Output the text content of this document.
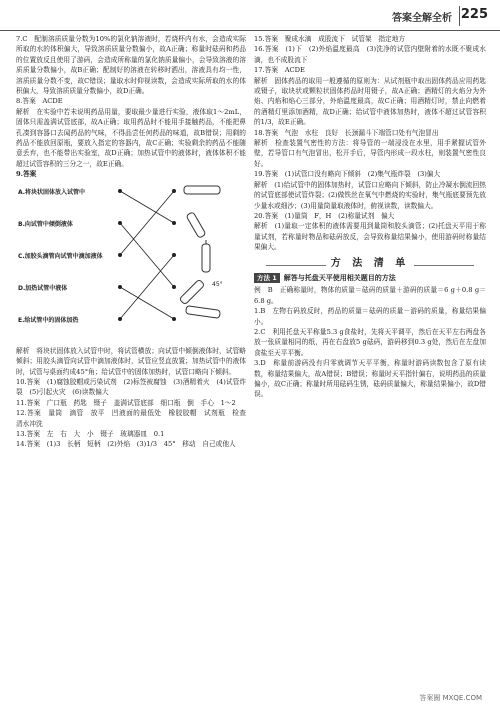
答案全解全析 225

7.C　配制溶质质量分数为10%的氯化钠溶液时，若烧杯内有水，会造成实际所取的水的体积偏大，导致溶质质量分数偏小，故A正确；称量时砝码和药品的位置放反且使用了游码，会造成所称量的氯化钠质量偏小，会导致溶液的溶质质量分数偏小，故B正确；配制好的溶液在转移时洒出，溶液具有均一性，溶质质量分数不变，故C错误；量取水时仰视读数，会造成实际所取的水的体积偏大，导致溶质质量分数偏小，故D正确。

8.答案　ACDE

解析　在实验中若未说明药品用量，要取最少量进行实验，液体取1～2mL，固体只需盖满试管底部，故A正确；取用药品时不能用手接触药品，不能把鼻孔凑到容器口去闻药品的气味，不得品尝任何药品的味道，故B错误；用剩的药品不能放回原瓶，要放入指定的容器内，故C正确；实验剩余的药品不能随意丢弃，也不能带出实验室，故D正确；加热试管中的液体时，液体体积不能超过试管容积的三分之一，故E正确。

9.答案

A.将块状固体放入试管中
B.向试管中倾倒液体
C.加胶头滴管向试管中滴加液体
D.加热试管中液体
E.给试管中的固体加热
45°

解析　将块状固体放入试管中时，将试管横放；向试管中倾倒液体时，试管略倾斜；用胶头滴管向试管中滴加液体时，试管应竖直放置；加热试管中的液体时，试管与桌面约成45°角；给试管中的固体加热时，试管口略向下倾斜。

10.答案　(1)腐蚀胶帽或污染试剂　(2)标签被腐蚀　(3)酒精着火　(4)试管炸裂　(5)引起火灾　(6)读数偏大

11.答案　广口瓶　药匙　镊子　盖满试管底部　细口瓶　倒　手心　1～2

12.答案　量筒　滴管　放平　凹液面的最低处　橡胶胶帽　试剂瓶　检查　清水冲洗

13.答案　左　右　大　小　镊子　玻璃器皿　0.1

14.答案　(1)3　长柄　短柄　(2)外焰　(3)1/3　45°　移动　自己或他人

15.答案　聚成水滴　成股流下　试管架　指定地方

16.答案　(1)下　(2)外焰温度最高　(3)洗净的试管内壁附着的水既不聚成水滴，也不成股流下

17.答案　ACDE

解析　固体药品的取用一般遵循的原则为：从试剂瓶中取出固体药品应用药匙或镊子，取块状或颗粒状固体药品时用镊子，故A正确；酒精灯的火焰分为外焰、内焰和焰心三部分，外焰温度最高，故C正确；用酒精灯时，禁止向燃着的酒精灯里添加酒精，故D正确；给试管中液体加热时，液体不超过试管容积的1/3，故E正确。

18.答案　气泡　水柱　良好　长颈漏斗下端管口处有气泡冒出

解析　检查装置气密性的方法：将导管的一端浸没在水里，用手紧握试管外壁，若导管口有气泡冒出，松开手后，导管内形成一段水柱，则装置气密性良好。

19.答案　(1)试管口没有略向下倾斜　(2)集气瓶炸裂　(3)偏大

解析　(1)给试管中的固体加热时，试管口应略向下倾斜，防止冷凝水倒流回热的试管底部使试管炸裂；(2)做铁丝在氧气中燃烧的实验时，集气瓶底要预先放少量水或细沙；(3)用量筒量取液体时，俯视读数，读数偏大。

20.答案　(1)量筒　F，H　(2)称量试剂　偏大

解析　(1)量取一定体积的液体需要用到量筒和胶头滴管；(2)托盘天平用于称量试剂，若称量时物品和砝码放反，会导致称量结果偏小，使用游码时称量结果偏大。

方 法 清 单
方法 1 解答与托盘天平使用相关题目的方法

例　B　正确称量时，物体的质量＝砝码的质量＋游码的质量＝6 g＋0.8 g＝6.8 g。

1.B　左物右码放反时，药品的质量＝砝码的质量－游码的质量，称量结果偏小。

2.C　利用托盘天平称量5.3 g食盐时，先将天平调平，然后在天平左右两盘各放一张质量相同的纸，再在右盘放5 g砝码，游码移到0.3 g处，然后在左盘加食盐至天平平衡。

3.D　称量前游码没有归零就调节天平平衡，称量时游码读数包含了原有读数，称量结果偏大，故A错误；B错误；称量时天平指针偏右，说明药品的质量偏小，故C正确；称量时所用砝码生锈，砝码质量偏大，称量结果偏小，故D错误。

答案圈 MXQE.COM
